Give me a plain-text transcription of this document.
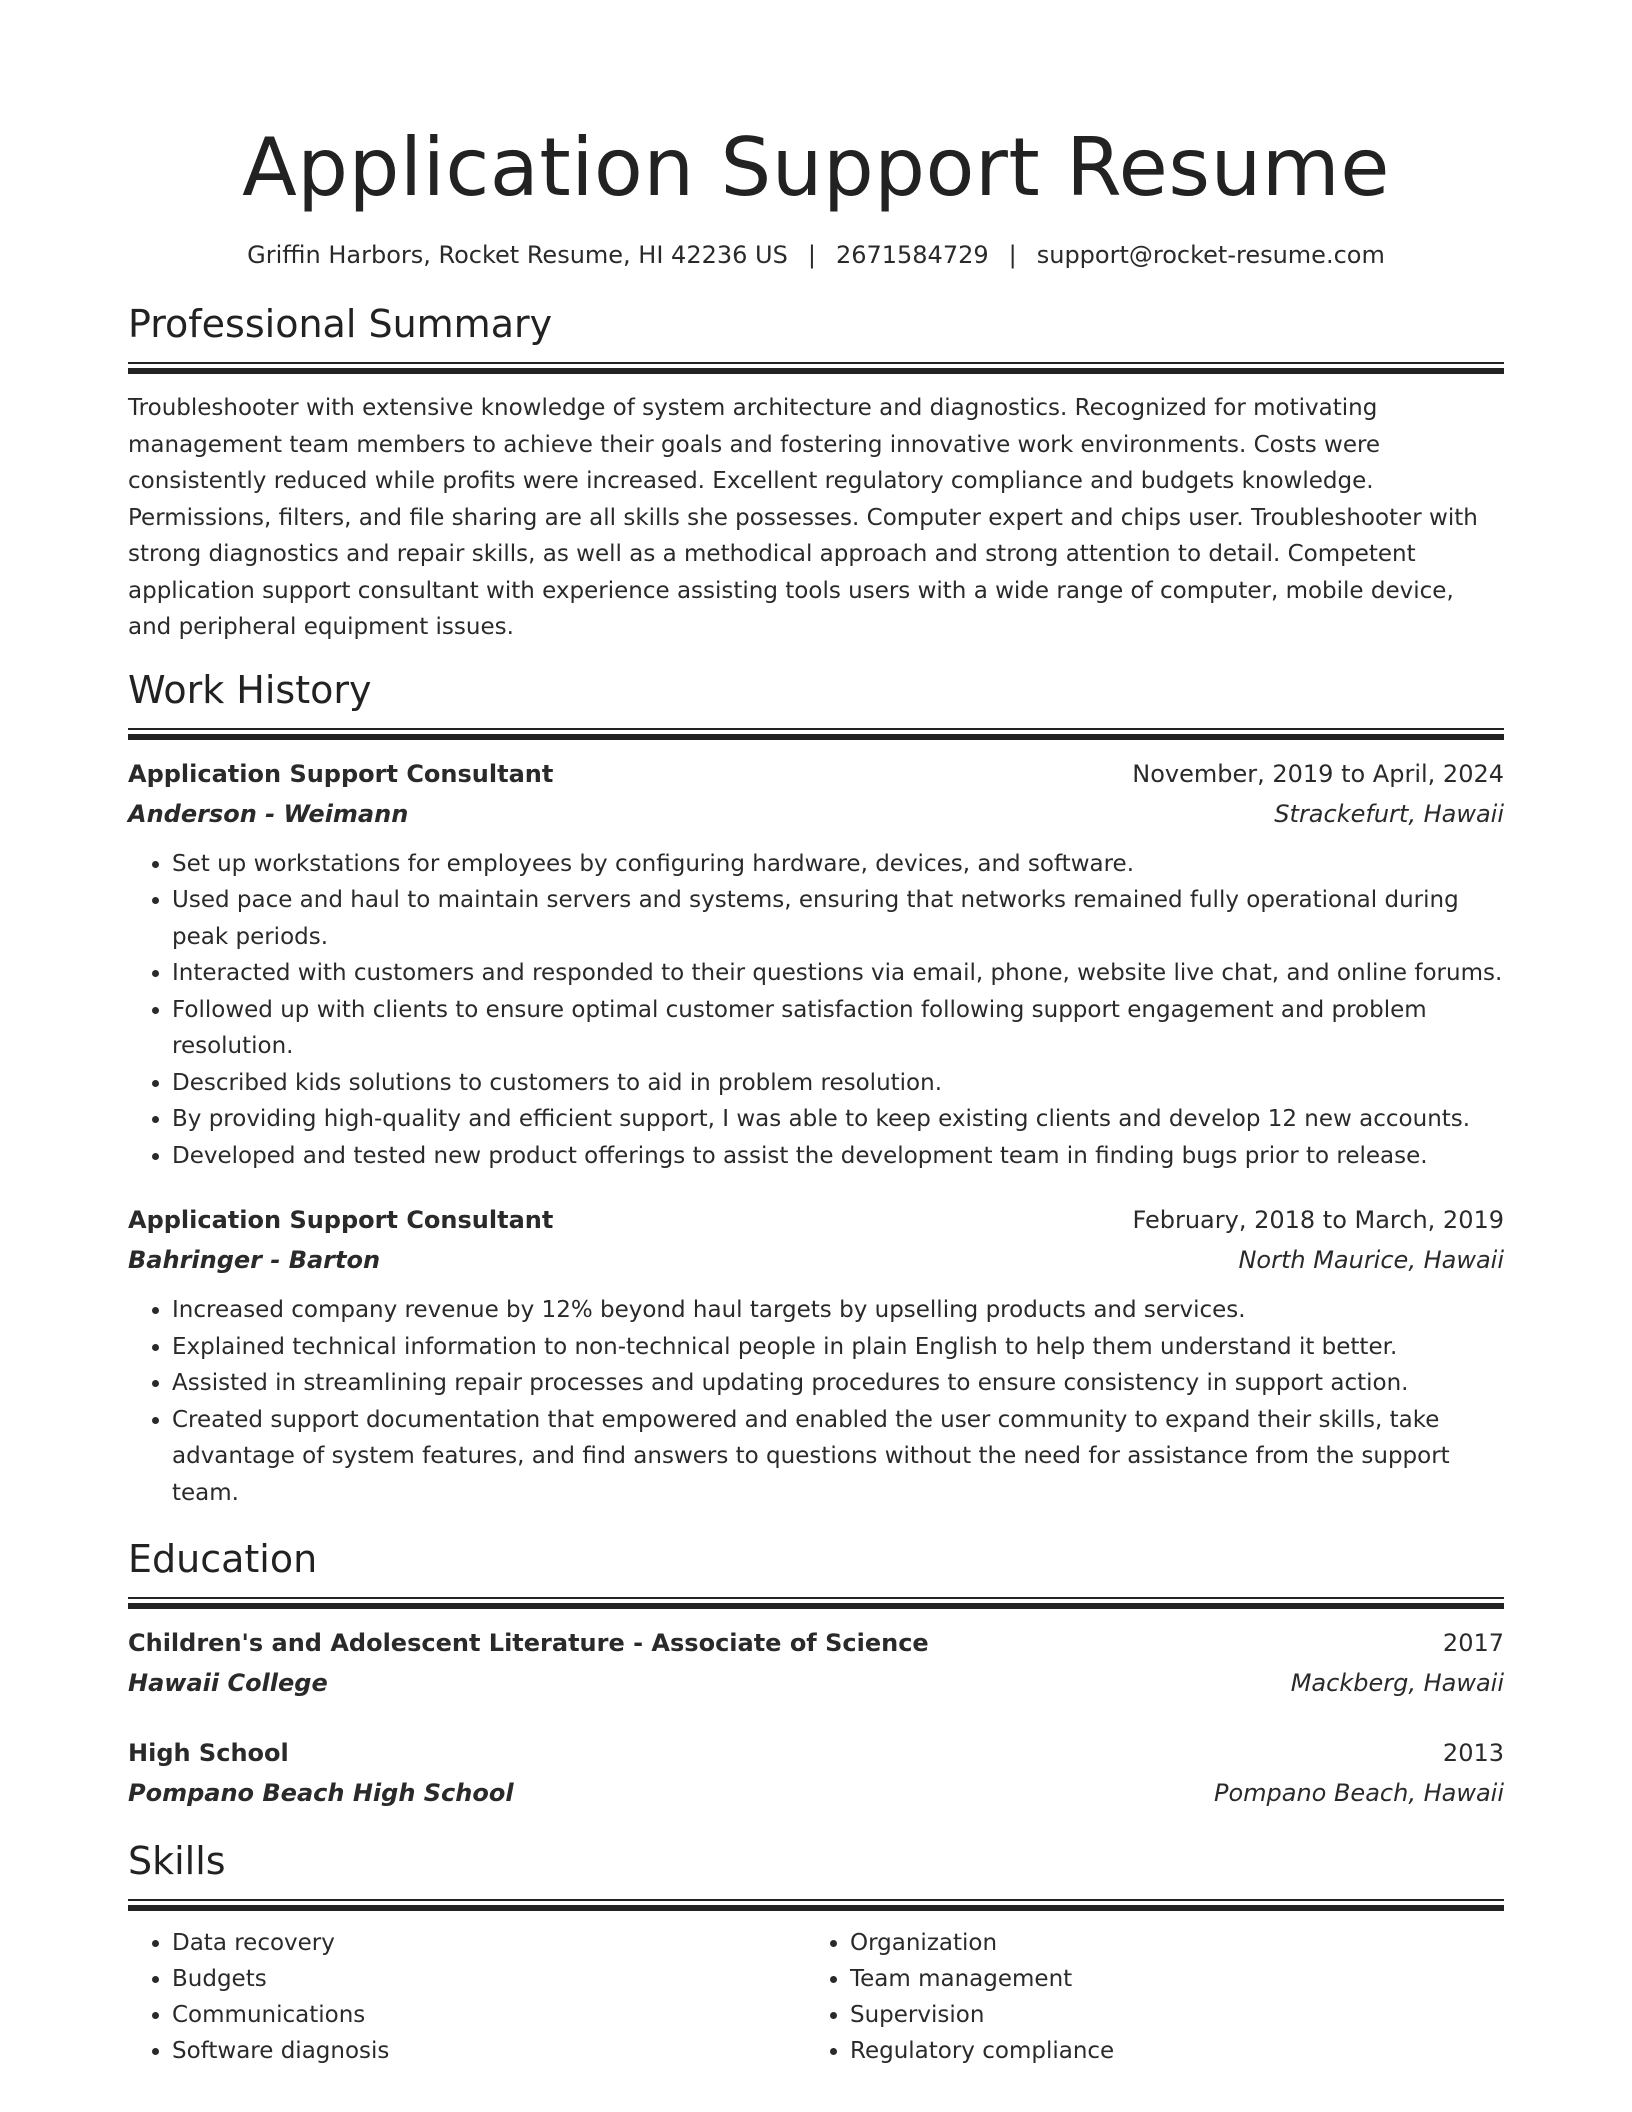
Application Support Resume
Griffin Harbors, Rocket Resume, HI 42236 US | 2671584729 | support@rocket-resume.com
Professional Summary

Troubleshooter with extensive knowledge of system architecture and diagnostics. Recognized for motivating management team members to achieve their goals and fostering innovative work environments. Costs were consistently reduced while profits were increased. Excellent regulatory compliance and budgets knowledge. Permissions, filters, and file sharing are all skills she possesses. Computer expert and chips user. Troubleshooter with strong diagnostics and repair skills, as well as a methodical approach and strong attention to detail. Competent application support consultant with experience assisting tools users with a wide range of computer, mobile device, and peripheral equipment issues.

Work History
Application Support Consultant	November, 2019 to April, 2024
Anderson - Weimann	Strackefurt, Hawaii
• Set up workstations for employees by configuring hardware, devices, and software.
• Used pace and haul to maintain servers and systems, ensuring that networks remained fully operational during peak periods.
• Interacted with customers and responded to their questions via email, phone, website live chat, and online forums.
• Followed up with clients to ensure optimal customer satisfaction following support engagement and problem resolution.
• Described kids solutions to customers to aid in problem resolution.
• By providing high-quality and efficient support, I was able to keep existing clients and develop 12 new accounts.
• Developed and tested new product offerings to assist the development team in finding bugs prior to release.
Application Support Consultant	February, 2018 to March, 2019
Bahringer - Barton	North Maurice, Hawaii
• Increased company revenue by 12% beyond haul targets by upselling products and services.
• Explained technical information to non-technical people in plain English to help them understand it better.
• Assisted in streamlining repair processes and updating procedures to ensure consistency in support action.
• Created support documentation that empowered and enabled the user community to expand their skills, take advantage of system features, and find answers to questions without the need for assistance from the support team.
Education
Children's and Adolescent Literature - Associate of Science	2017
Hawaii College	Mackberg, Hawaii
High School	2013
Pompano Beach High School	Pompano Beach, Hawaii
Skills
• Data recovery
• Budgets
• Communications
• Software diagnosis
• Organization
• Team management
• Supervision
• Regulatory compliance
